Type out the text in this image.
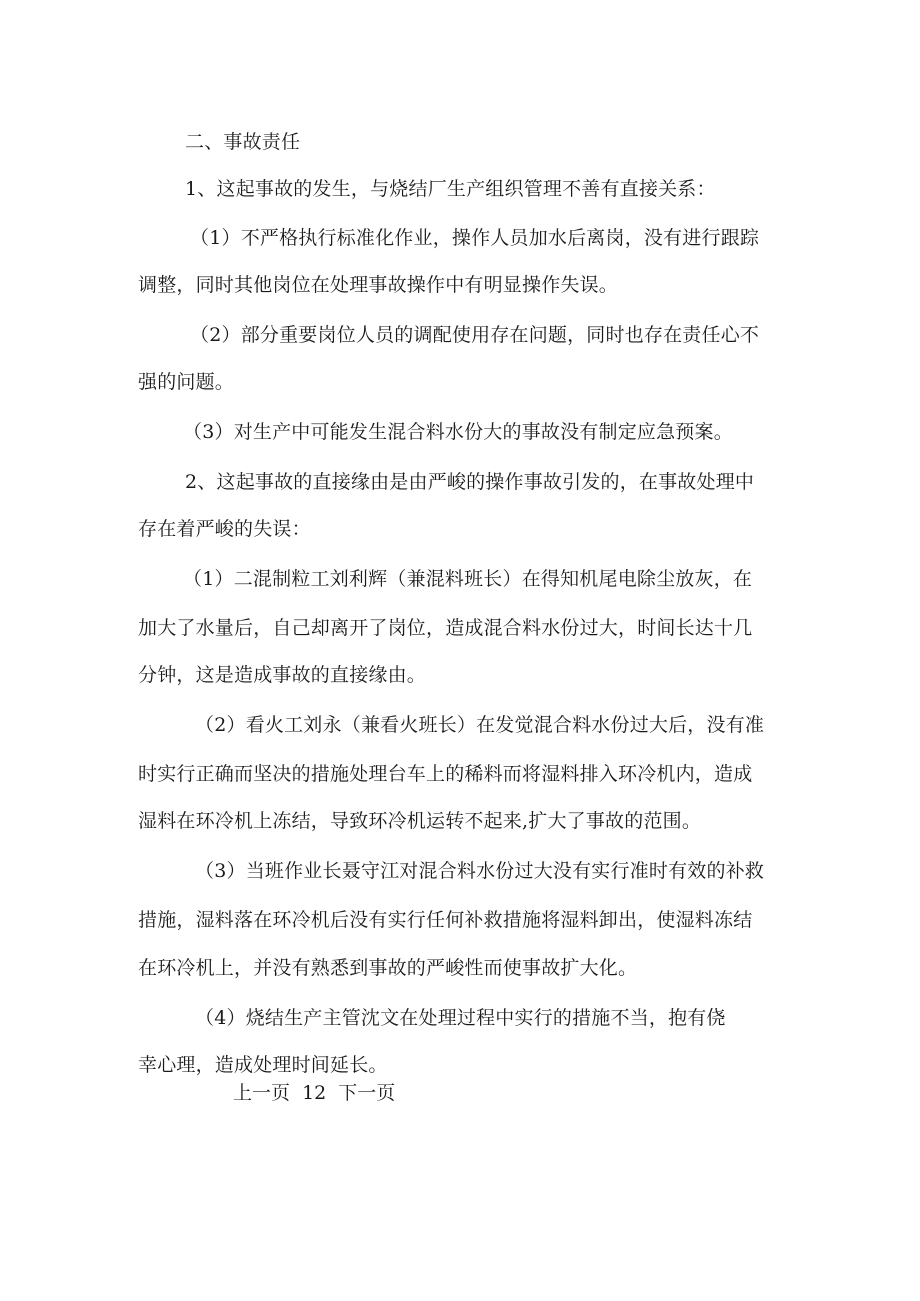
二、事故责任
1、这起事故的发生，与烧结厂生产组织管理不善有直接关系：
（1）不严格执行标准化作业，操作人员加水后离岗，没有进行跟踪
调整，同时其他岗位在处理事故操作中有明显操作失误。
（2）部分重要岗位人员的调配使用存在问题，同时也存在责任心不
强的问题。
（3）对生产中可能发生混合料水份大的事故没有制定应急预案。
2、这起事故的直接缘由是由严峻的操作事故引发的，在事故处理中
存在着严峻的失误：
（1）二混制粒工刘利辉（兼混料班长）在得知机尾电除尘放灰，在
加大了水量后，自己却离开了岗位，造成混合料水份过大，时间长达十几
分钟，这是造成事故的直接缘由。
（2）看火工刘永（兼看火班长）在发觉混合料水份过大后，没有准
时实行正确而坚决的措施处理台车上的稀料而将湿料排入环冷机内，造成
湿料在环冷机上冻结，导致环冷机运转不起来,扩大了事故的范围。
（3）当班作业长聂守江对混合料水份过大没有实行准时有效的补救
措施，湿料落在环冷机后没有实行任何补救措施将湿料卸出，使湿料冻结
在环冷机上，并没有熟悉到事故的严峻性而使事故扩大化。
（4）烧结生产主管沈文在处理过程中实行的措施不当，抱有侥
幸心理，造成处理时间延长。
上一页 12 下一页
